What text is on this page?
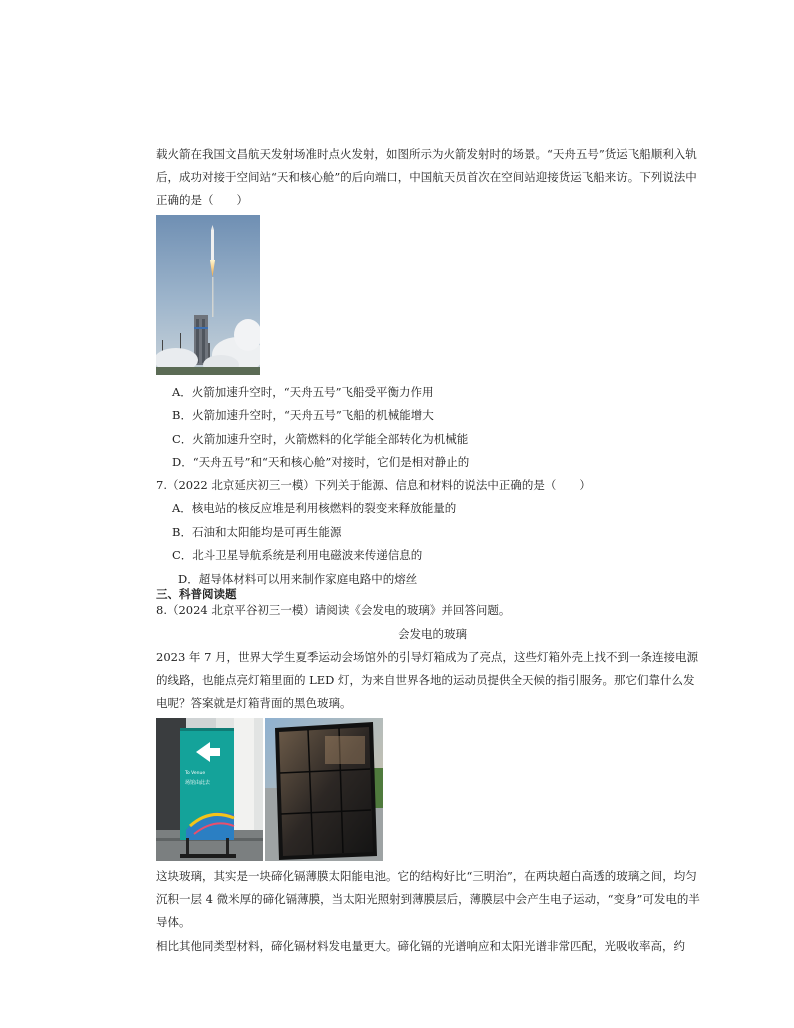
载火箭在我国文昌航天发射场准时点火发射，如图所示为火箭发射时的场景。“天舟五号”货运飞船顺利入轨
后，成功对接于空间站“天和核心舱”的后向端口，中国航天员首次在空间站迎接货运飞船来访。下列说法中
正确的是（　　）
A．火箭加速升空时，“天舟五号”飞船受平衡力作用
B．火箭加速升空时，“天舟五号”飞船的机械能增大
C．火箭加速升空时，火箭燃料的化学能全部转化为机械能
D．“天舟五号”和“天和核心舱”对接时，它们是相对静止的
7.（2022 北京延庆初三一模）下列关于能源、信息和材料的说法中正确的是（　　）
A．核电站的核反应堆是利用核燃料的裂变来释放能量的
B．石油和太阳能均是可再生能源
C．北斗卫星导航系统是利用电磁波来传递信息的
D．超导体材料可以用来制作家庭电路中的熔丝
三、科普阅读题
8.（2024 北京平谷初三一模）请阅读《会发电的玻璃》并回答问题。
会发电的玻璃
2023 年 7 月，世界大学生夏季运动会场馆外的引导灯箱成为了亮点，这些灯箱外壳上找不到一条连接电源
的线路，也能点亮灯箱里面的 LED 灯，为来自世界各地的运动员提供全天候的指引服务。那它们靠什么发
电呢？答案就是灯箱背面的黑色玻璃。
To Venue
场馆由此去
这块玻璃，其实是一块碲化镉薄膜太阳能电池。它的结构好比“三明治”，在两块超白高透的玻璃之间，均匀
沉积一层 4 微米厚的碲化镉薄膜，当太阳光照射到薄膜层后，薄膜层中会产生电子运动，“变身”可发电的半
导体。
相比其他同类型材料，碲化镉材料发电量更大。碲化镉的光谱响应和太阳光谱非常匹配，光吸收率高，约
